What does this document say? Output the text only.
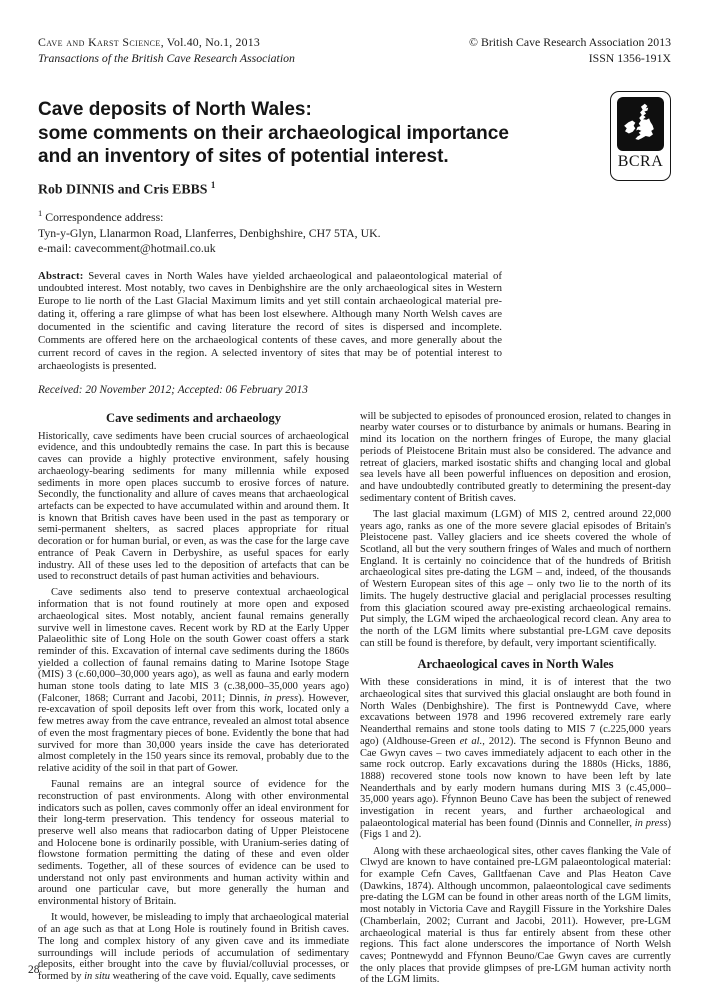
Cave and Karst Science, Vol.40, No.1, 2013
Transactions of the British Cave Research Association
© British Cave Research Association 2013
ISSN 1356-191X
BCRA
Cave deposits of North Wales:
some comments on their archaeological importance
and an inventory of sites of potential interest.
Rob DINNIS and Cris EBBS $^1$
$^1$ Correspondence address:
Tyn-y-Glyn, Llanarmon Road, Llanferres, Denbighshire, CH7 5TA, UK.
e-mail: cavecomment@hotmail.co.uk
Abstract: Several caves in North Wales have yielded archaeological and palaeontological material of undoubted interest. Most notably, two caves in Denbighshire are the only archaeological sites in Western Europe to lie north of the Last Glacial Maximum limits and yet still contain archaeological material pre-dating it, offering a rare glimpse of what has been lost elsewhere. Although many North Welsh caves are documented in the scientific and caving literature the record of sites is dispersed and incomplete. Comments are offered here on the archaeological contents of these caves, and more generally about the current record of caves in the region. A selected inventory of sites that may be of potential interest to archaeologists is presented.
Received: 20 November 2012; Accepted: 06 February 2013
Cave sediments and archaeology

Historically, cave sediments have been crucial sources of archaeological evidence, and this undoubtedly remains the case. In part this is because caves can provide a highly protective environment, safely housing archaeology-bearing sediments for many millennia while exposed sediments in more open places succumb to erosive forces of nature. Secondly, the functionality and allure of caves means that archaeological artefacts can be expected to have accumulated within and around them. It is known that British caves have been used in the past as temporary or semi-permanent shelters, as sacred places appropriate for ritual decoration or for human burial, or even, as was the case for the large cave entrance of Peak Cavern in Derbyshire, as useful spaces for early industry. All of these uses led to the deposition of artefacts that can be used to reconstruct details of past human activities and behaviours.

Cave sediments also tend to preserve contextual archaeological information that is not found routinely at more open and exposed archaeological sites. Most notably, ancient faunal remains generally survive well in limestone caves. Recent work by RD at the Early Upper Palaeolithic site of Long Hole on the south Gower coast offers a stark reminder of this. Excavation of internal cave sediments during the 1860s yielded a collection of faunal remains dating to Marine Isotope Stage (MIS) 3 (c.60,000–30,000 years ago), as well as fauna and early modern human stone tools dating to late MIS 3 (c.38,000–35,000 years ago) (Falconer, 1868; Currant and Jacobi, 2011; Dinnis, in press). However, re-excavation of spoil deposits left over from this work, located only a few metres away from the cave entrance, revealed an almost total absence of even the most fragmentary pieces of bone. Evidently the bone that had survived for more than 30,000 years inside the cave has deteriorated almost completely in the 150 years since its removal, probably due to the relative acidity of the soil in that part of Gower.

Faunal remains are an integral source of evidence for the reconstruction of past environments. Along with other environmental indicators such as pollen, caves commonly offer an ideal environment for their long-term preservation. This tendency for osseous material to preserve well also means that radiocarbon dating of Upper Pleistocene and Holocene bone is ordinarily possible, with Uranium-series dating of flowstone formation permitting the dating of these and even older sediments. Together, all of these sources of evidence can be used to understand not only past environments and human activity within and around one particular cave, but more generally the human and environmental history of Britain.

It would, however, be misleading to imply that archaeological material of an age such as that at Long Hole is routinely found in British caves. The long and complex history of any given cave and its immediate surroundings will include periods of accumulation of sedimentary deposits, either brought into the cave by fluvial/colluvial processes, or formed by in situ weathering of the cave void. Equally, cave sediments

will be subjected to episodes of pronounced erosion, related to changes in nearby water courses or to disturbance by animals or humans. Bearing in mind its location on the northern fringes of Europe, the many glacial periods of Pleistocene Britain must also be considered. The advance and retreat of glaciers, marked isostatic shifts and changing local and global sea levels have all been powerful influences on deposition and erosion, and have undoubtedly contributed greatly to determining the present-day sedimentary content of British caves.

The last glacial maximum (LGM) of MIS 2, centred around 22,000 years ago, ranks as one of the more severe glacial episodes of Britain's Pleistocene past. Valley glaciers and ice sheets covered the whole of Scotland, all but the very southern fringes of Wales and much of northern England. It is certainly no coincidence that of the hundreds of British archaeological sites pre-dating the LGM – and, indeed, of the thousands of Western European sites of this age – only two lie to the north of its limits. The hugely destructive glacial and periglacial processes resulting from this glaciation scoured away pre-existing archaeological remains. Put simply, the LGM wiped the archaeological record clean. Any area to the north of the LGM limits where substantial pre-LGM cave deposits can still be found is therefore, by default, very important scientifically.

Archaeological caves in North Wales

With these considerations in mind, it is of interest that the two archaeological sites that survived this glacial onslaught are both found in North Wales (Denbighshire). The first is Pontnewydd Cave, where excavations between 1978 and 1996 recovered extremely rare early Neanderthal remains and stone tools dating to MIS 7 (c.225,000 years ago) (Aldhouse-Green et al., 2012). The second is Ffynnon Beuno and Cae Gwyn caves – two caves immediately adjacent to each other in the same rock outcrop. Early excavations during the 1880s (Hicks, 1886, 1888) recovered stone tools now known to have been left by late Neanderthals and by early modern humans during MIS 3 (c.45,000–35,000 years ago). Ffynnon Beuno Cave has been the subject of renewed investigation in recent years, and further archaeological and palaeontological material has been found (Dinnis and Conneller, in press) (Figs 1 and 2).

Along with these archaeological sites, other caves flanking the Vale of Clwyd are known to have contained pre-LGM palaeontological material: for example Cefn Caves, Galltfaenan Cave and Plas Heaton Cave (Dawkins, 1874). Although uncommon, palaeontological cave sediments pre-dating the LGM can be found in other areas north of the LGM limits, most notably in Victoria Cave and Raygill Fissure in the Yorkshire Dales (Chamberlain, 2002; Currant and Jacobi, 2011). However, pre-LGM archaeological material is thus far entirely absent from these other regions. This fact alone underscores the importance of North Welsh caves; Pontnewydd and Ffynnon Beuno/Cae Gwyn caves are currently the only places that provide glimpses of pre-LGM human activity north of the LGM limits.

28
